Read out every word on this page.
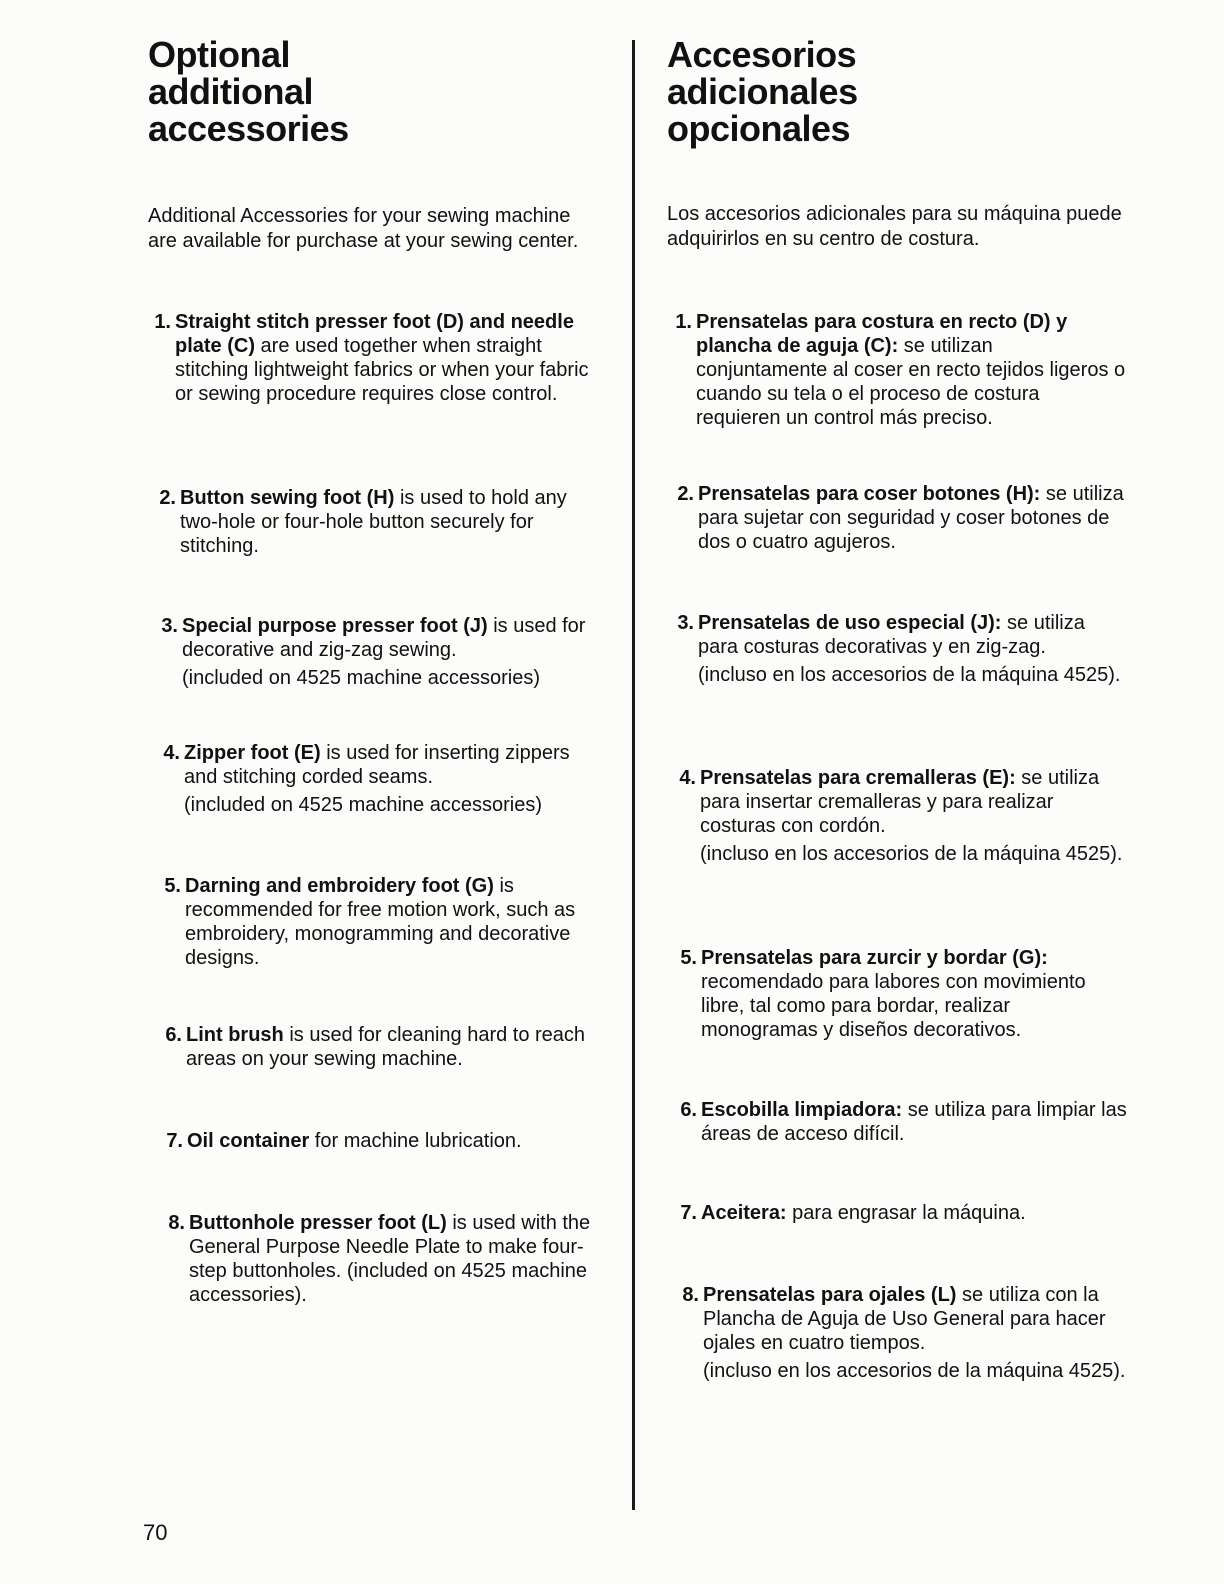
Optional
additional
accessories

Additional Accessories for your sewing machine are available for purchase at your sewing center.

1. Straight stitch presser foot (D) and needle plate (C) are used together when straight stitching lightweight fabrics or when your fabric or sewing procedure requires close control.
2. Button sewing foot (H) is used to hold any two-hole or four-hole button securely for stitching.
3. Special purpose presser foot (J) is used for decorative and zig-zag sewing.
(included on 4525 machine accessories)
4. Zipper foot (E) is used for inserting zippers and stitching corded seams.
(included on 4525 machine accessories)
5. Darning and embroidery foot (G) is recommended for free motion work, such as embroidery, monogramming and decorative designs.
6. Lint brush is used for cleaning hard to reach areas on your sewing machine.
7. Oil container for machine lubrication.
8. Buttonhole presser foot (L) is used with the General Purpose Needle Plate to make four-step buttonholes. (included on 4525 machine accessories).
Accesorios
adicionales
opcionales

Los accesorios adicionales para su máquina puede adquirirlos en su centro de costura.

1. Prensatelas para costura en recto (D) y plancha de aguja (C): se utilizan conjuntamente al coser en recto tejidos ligeros o cuando su tela o el proceso de costura requieren un control más preciso.
2. Prensatelas para coser botones (H): se utiliza para sujetar con seguridad y coser botones de dos o cuatro agujeros.
3. Prensatelas de uso especial (J): se utiliza para costuras decorativas y en zig-zag.
(incluso en los accesorios de la máquina 4525).
4. Prensatelas para cremalleras (E): se utiliza para insertar cremalleras y para realizar costuras con cordón.
(incluso en los accesorios de la máquina 4525).
5. Prensatelas para zurcir y bordar (G): recomendado para labores con movimiento libre, tal como para bordar, realizar monogramas y diseños decorativos.
6. Escobilla limpiadora: se utiliza para limpiar las áreas de acceso difícil.
7. Aceitera: para engrasar la máquina.
8. Prensatelas para ojales (L) se utiliza con la Plancha de Aguja de Uso General para hacer ojales en cuatro tiempos.
(incluso en los accesorios de la máquina 4525).
70
